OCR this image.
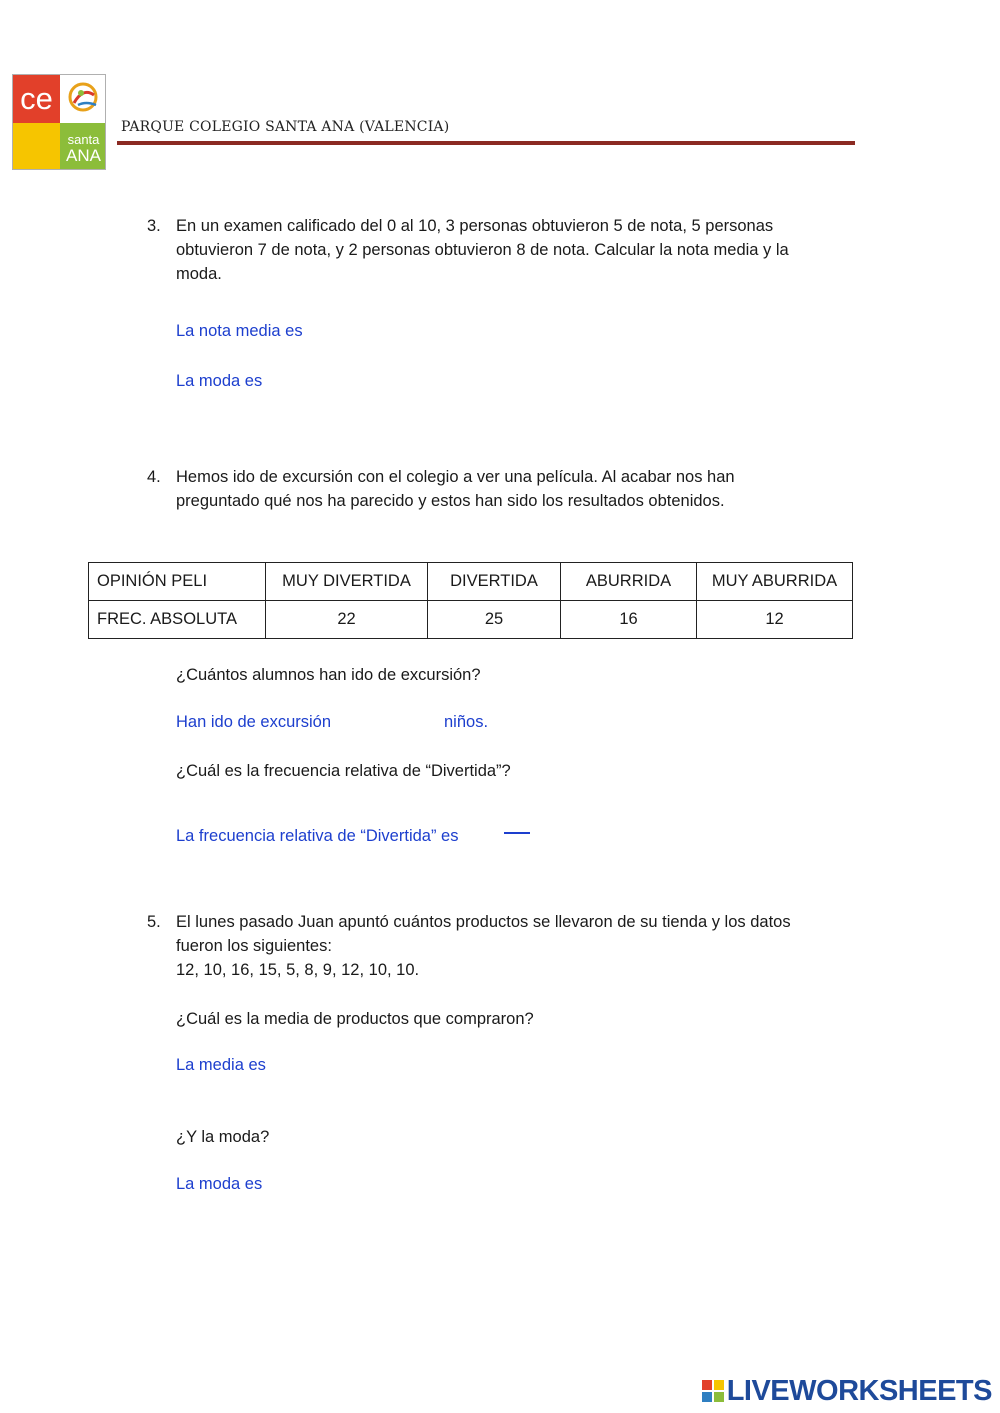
ce
santa
ANA
PARQUE COLEGIO SANTA ANA (VALENCIA)
3. En un examen calificado del 0 al 10, 3 personas obtuvieron 5 de nota, 5 personas
obtuvieron 7 de nota, y 2 personas obtuvieron 8 de nota. Calcular la nota media y la
moda.
La nota media es
La moda es
4. Hemos ido de excursión con el colegio a ver una película. Al acabar nos han
preguntado qué nos ha parecido y estos han sido los resultados obtenidos.
OPINIÓN PELI	MUY DIVERTIDA	DIVERTIDA	ABURRIDA	MUY ABURRIDA
FREC. ABSOLUTA	22	25	16	12
¿Cuántos alumnos han ido de excursión?
Han ido de excursión	niños.
¿Cuál es la frecuencia relativa de “Divertida”?
La frecuencia relativa de “Divertida” es
5. El lunes pasado Juan apuntó cuántos productos se llevaron de su tienda y los datos
fueron los siguientes:
12, 10, 16, 15, 5, 8, 9, 12, 10, 10.
¿Cuál es la media de productos que compraron?
La media es
¿Y la moda?
La moda es
LIVEWORKSHEETS
